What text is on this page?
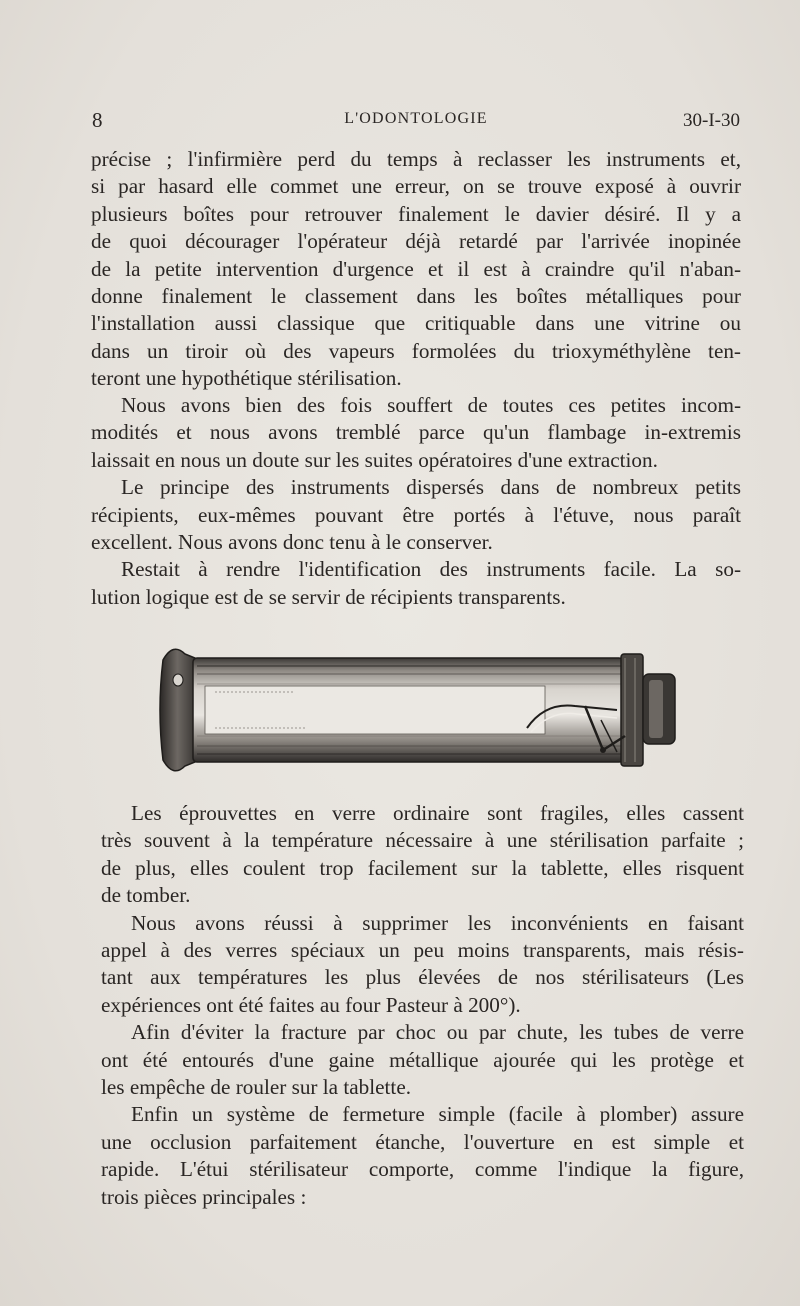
8	L'ODONTOLOGIE	30-I-30
précise ; l'infirmière perd du temps à reclasser les instruments et,
si par hasard elle commet une erreur, on se trouve exposé à ouvrir
plusieurs boîtes pour retrouver finalement le davier désiré. Il y a
de quoi décourager l'opérateur déjà retardé par l'arrivée inopinée
de la petite intervention d'urgence et il est à craindre qu'il n'aban-
donne finalement le classement dans les boîtes métalliques pour
l'installation aussi classique que critiquable dans une vitrine ou
dans un tiroir où des vapeurs formolées du trioxyméthylène ten-
teront une hypothétique stérilisation.
Nous avons bien des fois souffert de toutes ces petites incom-
modités et nous avons tremblé parce qu'un flambage in-extremis
laissait en nous un doute sur les suites opératoires d'une extraction.
Le principe des instruments dispersés dans de nombreux petits
récipients, eux-mêmes pouvant être portés à l'étuve, nous paraît
excellent. Nous avons donc tenu à le conserver.
Restait à rendre l'identification des instruments facile. La so-
lution logique est de se servir de récipients transparents.
Les éprouvettes en verre ordinaire sont fragiles, elles cassent
très souvent à la température nécessaire à une stérilisation parfaite ;
de plus, elles coulent trop facilement sur la tablette, elles risquent
de tomber.
Nous avons réussi à supprimer les inconvénients en faisant
appel à des verres spéciaux un peu moins transparents, mais résis-
tant aux températures les plus élevées de nos stérilisateurs (Les
expériences ont été faites au four Pasteur à 200°).
Afin d'éviter la fracture par choc ou par chute, les tubes de verre
ont été entourés d'une gaine métallique ajourée qui les protège et
les empêche de rouler sur la tablette.
Enfin un système de fermeture simple (facile à plomber) assure
une occlusion parfaitement étanche, l'ouverture en est simple et
rapide. L'étui stérilisateur comporte, comme l'indique la figure,
trois pièces principales :
